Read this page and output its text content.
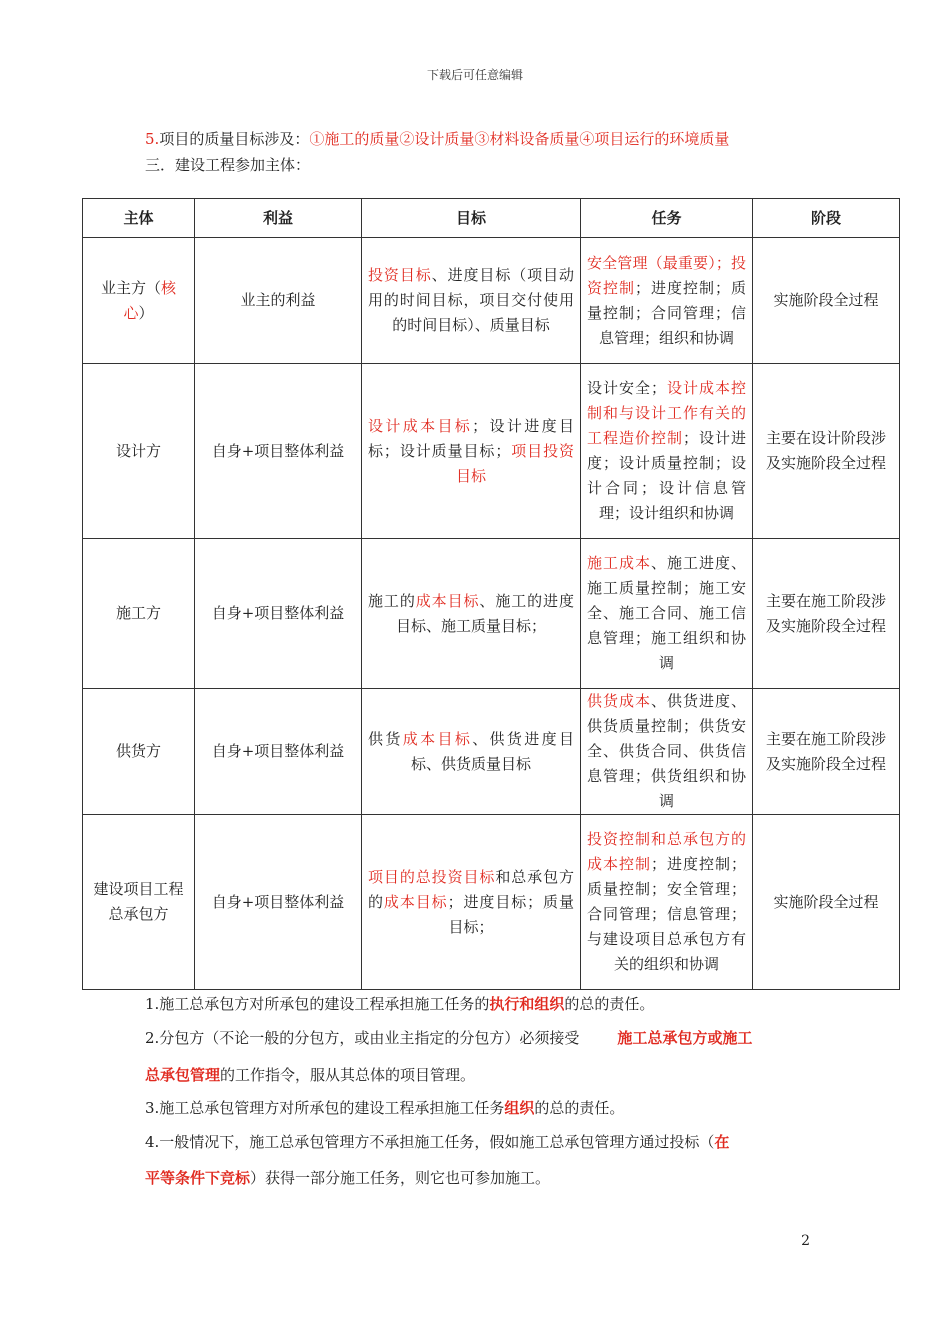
下载后可任意编辑
5.项目的质量目标涉及：①施工的质量②设计质量③材料设备质量④项目运行的环境质量
三．建设工程参加主体：
主体	利益	目标	任务	阶段
业主方（核心）	业主的利益	投资目标、进度目标（项目动用的时间目标，项目交付使用的时间目标）、质量目标	安全管理（最重要）；投资控制；进度控制；质量控制；合同管理；信息管理；组织和协调	实施阶段全过程
设计方	自身+项目整体利益	设计成本目标；设计进度目标；设计质量目标；项目投资目标	设计安全；设计成本控制和与设计工作有关的工程造价控制；设计进度；设计质量控制；设计合同；设计信息管理；设计组织和协调	主要在设计阶段涉及实施阶段全过程
施工方	自身+项目整体利益	施工的成本目标、施工的进度目标、施工质量目标；	施工成本、施工进度、施工质量控制；施工安全、施工合同、施工信息管理；施工组织和协调	主要在施工阶段涉及实施阶段全过程
供货方	自身+项目整体利益	供货成本目标、供货进度目标、供货质量目标	供货成本、供货进度、供货质量控制；供货安全、供货合同、供货信息管理；供货组织和协调	主要在施工阶段涉及实施阶段全过程
建设项目工程总承包方	自身+项目整体利益	项目的总投资目标和总承包方的成本目标；进度目标；质量目标；	投资控制和总承包方的成本控制；进度控制；质量控制；安全管理；合同管理；信息管理；与建设项目总承包方有关的组织和协调	实施阶段全过程
1.施工总承包方对所承包的建设工程承担施工任务的执行和组织的总的责任。
2.分包方（不论一般的分包方，或由业主指定的分包方）必须接受	施工总承包方或施工
总承包管理的工作指令，服从其总体的项目管理。
3.施工总承包管理方对所承包的建设工程承担施工任务组织的总的责任。
4.一般情况下，施工总承包管理方不承担施工任务，假如施工总承包管理方通过投标（在
平等条件下竞标）获得一部分施工任务，则它也可参加施工。
2
